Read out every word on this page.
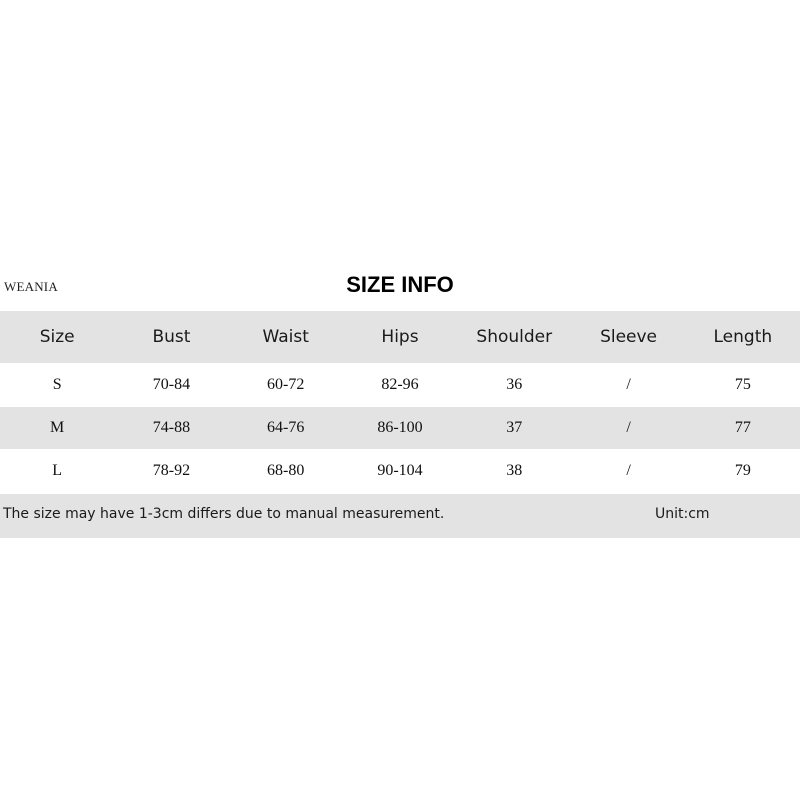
WEANIA	SIZE INFO
Size	Bust	Waist	Hips	Shoulder	Sleeve	Length
S	70-84	60-72	82-96	36	/	75
M	74-88	64-76	86-100	37	/	77
L	78-92	68-80	90-104	38	/	79
The size may have 1-3cm differs due to manual measurement.	Unit:cm
